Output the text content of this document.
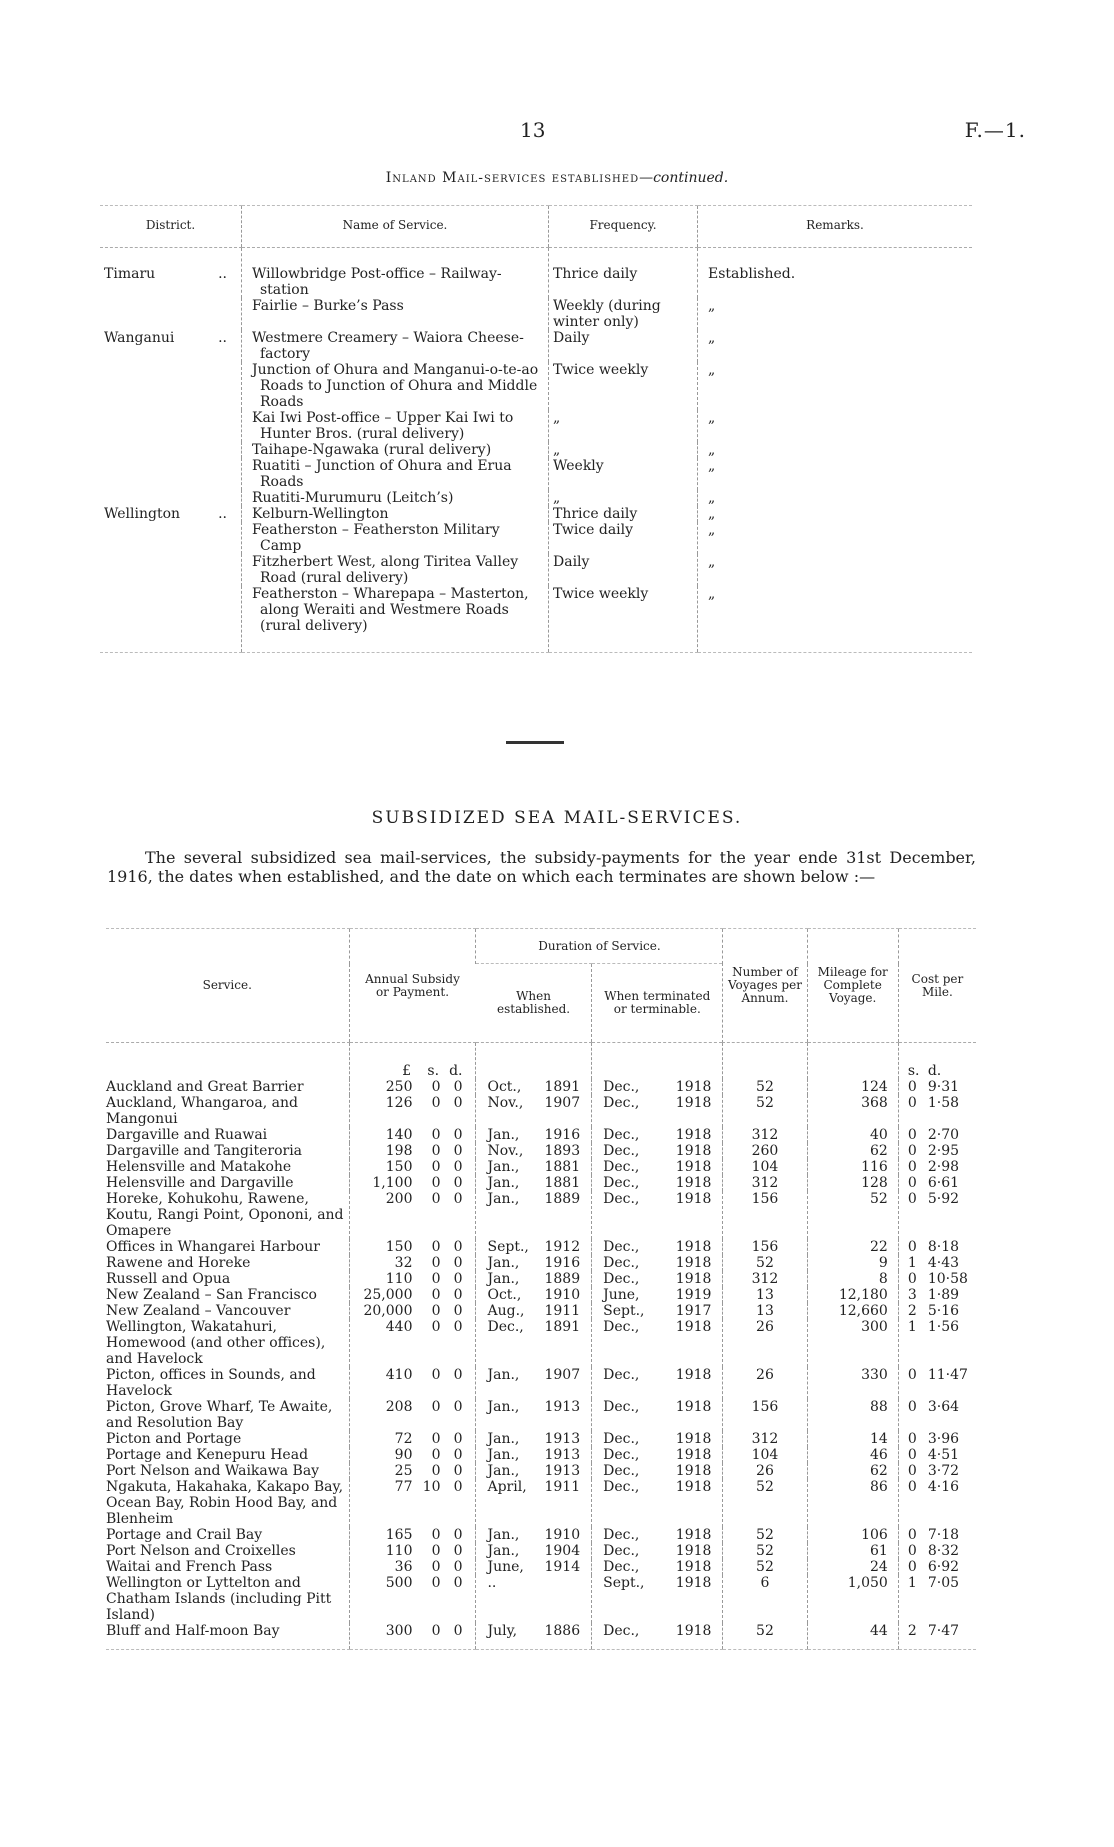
13	F.—1.
Inland Mail-services established—continued.
District.	Name of Service.	Frequency.	Remarks.

Timaru ..	Willowbridge Post-office – Railway-station	Thrice daily	Established.

	Fairlie – Burke’s Pass	Weekly (during winter only)	„

Wanganui ..	Westmere Creamery – Waiora Cheese-factory	Daily	„

	Junction of Ohura and Manganui-o-te-ao Roads to Junction of Ohura and Middle Roads	Twice weekly	„

	Kai Iwi Post-office – Upper Kai Iwi to Hunter Bros. (rural delivery)	„	„

	Taihape-Ngawaka (rural delivery)	„	„

	Ruatiti – Junction of Ohura and Erua Roads	Weekly	„

	Ruatiti-Murumuru (Leitch’s)	„	„

Wellington ..	Kelburn-Wellington	Thrice daily	„

	Featherston – Featherston Military Camp	Twice daily	„

	Fitzherbert West, along Tiritea Valley Road (rural delivery)	Daily	„

	Featherston – Wharepapa – Masterton, along Weraiti and Westmere Roads (rural delivery)	Twice weekly	„
SUBSIDIZED SEA MAIL-SERVICES.
The several subsidized sea mail-services, the subsidy-payments for the year ende 31st December, 1916, the dates when established, and the date on which each terminates are shown below :—
Service.	Annual Subsidy or Payment.	Duration of Service.		Number of Voyages per Annum.	Mileage for Complete Voyage.	Cost per Mile.
		When established.	When terminated or terminable.			

	£ s. d.					s. d.

Auckland and Great Barrier	250 0 0	Oct., 1891	Dec., 1918	52	124	0 9·31

Auckland, Whangaroa, and Mangonui	126 0 0	Nov., 1907	Dec., 1918	52	368	0 1·58

Dargaville and Ruawai	140 0 0	Jan., 1916	Dec., 1918	312	40	0 2·70

Dargaville and Tangiteroria	198 0 0	Nov., 1893	Dec., 1918	260	62	0 2·95

Helensville and Matakohe	150 0 0	Jan., 1881	Dec., 1918	104	116	0 2·98

Helensville and Dargaville	1,100 0 0	Jan., 1881	Dec., 1918	312	128	0 6·61

Horeke, Kohukohu, Rawene, Koutu, Rangi Point, Opononi, and Omapere	200 0 0	Jan., 1889	Dec., 1918	156	52	0 5·92

Offices in Whangarei Harbour	150 0 0	Sept., 1912	Dec., 1918	156	22	0 8·18

Rawene and Horeke	32 0 0	Jan., 1916	Dec., 1918	52	9	1 4·43

Russell and Opua	110 0 0	Jan., 1889	Dec., 1918	312	8	0 10·58

New Zealand – San Francisco	25,000 0 0	Oct., 1910	June, 1919	13	12,180	3 1·89

New Zealand – Vancouver	20,000 0 0	Aug., 1911	Sept., 1917	13	12,660	2 5·16

Wellington, Wakatahuri, Homewood (and other offices), and Havelock	440 0 0	Dec., 1891	Dec., 1918	26	300	1 1·56

Picton, offices in Sounds, and Havelock	410 0 0	Jan., 1907	Dec., 1918	26	330	0 11·47

Picton, Grove Wharf, Te Awaite, and Resolution Bay	208 0 0	Jan., 1913	Dec., 1918	156	88	0 3·64

Picton and Portage	72 0 0	Jan., 1913	Dec., 1918	312	14	0 3·96

Portage and Kenepuru Head	90 0 0	Jan., 1913	Dec., 1918	104	46	0 4·51

Port Nelson and Waikawa Bay	25 0 0	Jan., 1913	Dec., 1918	26	62	0 3·72

Ngakuta, Hakahaka, Kakapo Bay, Ocean Bay, Robin Hood Bay, and Blenheim	77 10 0	April, 1911	Dec., 1918	52	86	0 4·16

Portage and Crail Bay	165 0 0	Jan., 1910	Dec., 1918	52	106	0 7·18

Port Nelson and Croixelles	110 0 0	Jan., 1904	Dec., 1918	52	61	0 8·32

Waitai and French Pass	36 0 0	June, 1914	Dec., 1918	52	24	0 6·92

Wellington or Lyttelton and Chatham Islands (including Pitt Island)	500 0 0	..	Sept., 1918	6	1,050	1 7·05

Bluff and Half-moon Bay	300 0 0	July, 1886	Dec., 1918	52	44	2 7·47
